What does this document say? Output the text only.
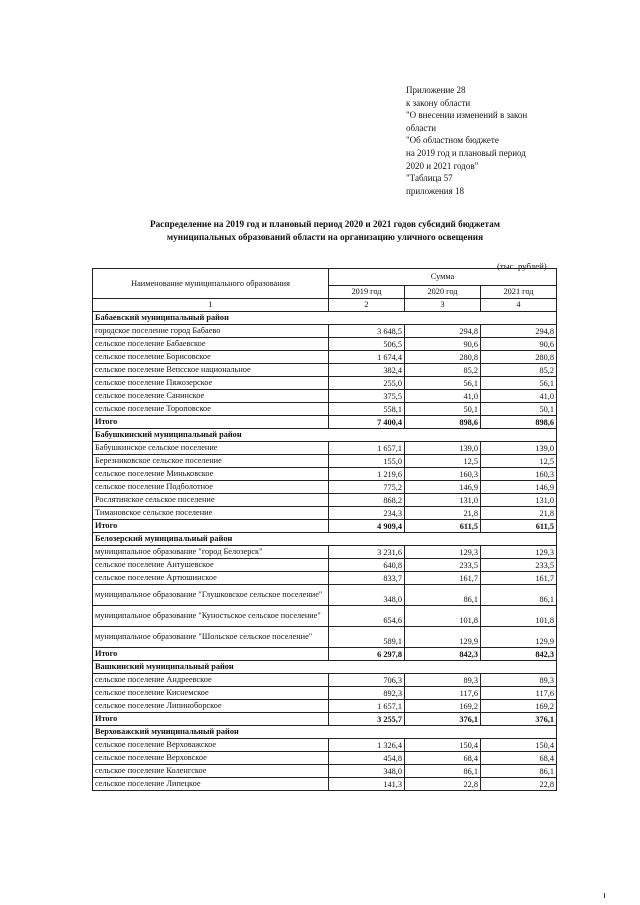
Приложение 28
к закону области
"О внесении изменений в закон
области
"Об областном бюджете
на 2019 год и плановый период
2020 и 2021 годов"
"Таблица 57
приложения 18
Распределение на 2019 год и плановый период 2020 и 2021 годов субсидий бюджетам
муниципальных образований области на организацию уличного освещения
(тыс. рублей)
Наименование муниципального образования	Сумма		
	2019 год	2020 год	2021 год
1	2	3	4
Бабаевский муниципальный район			
городское поселение город Бабаево	3 648,5	294,8	294,8
сельское поселение Бабаевское	506,5	90,6	90,6
сельское поселение Борисовское	1 674,4	280,8	280,8
сельское поселение Вепсское национальное	382,4	85,2	85,2
сельское поселение Пяжозерское	255,0	56,1	56,1
сельское поселение Санинское	375,5	41,0	41,0
сельское поселение Тороповское	558,1	50,1	50,1
Итого	7 400,4	898,6	898,6
Бабушкинский муниципальный район			
Бабушкинское сельское поселение	1 657,1	139,0	139,0
Березниковское сельское поселение	155,0	12,5	12,5
сельское поселение Миньковское	1 219,6	160,3	160,3
сельское поселение Подболотное	775,2	146,9	146,9
Рослятинское сельское поселение	868,2	131,0	131,0
Тимановское сельское поселение	234,3	21,8	21,8
Итого	4 909,4	611,5	611,5
Белозерский муниципальный район			
муниципальное образование "город Белозерск"	3 231,6	129,3	129,3
сельское поселение Антушевское	640,8	233,5	233,5
сельское поселение Артюшинское	833,7	161,7	161,7
муниципальное образование "Глушковское сельское поселение"	348,0	86,1	86,1
муниципальное образование "Куностьское сельское поселение"	654,6	101,8	101,8
муниципальное образование "Шольское сельское поселение"	589,1	129,9	129,9
Итого	6 297,8	842,3	842,3
Вашкинский муниципальный район			
сельское поселение Андреевское	706,3	89,3	89,3
сельское поселение Киснемское	892,3	117,6	117,6
сельское поселение Липиноборское	1 657,1	169,2	169,2
Итого	3 255,7	376,1	376,1
Верховажский муниципальный район			
сельское поселение Верховажское	1 326,4	150,4	150,4
сельское поселение Верховское	454,8	68,4	68,4
сельское поселение Коленгское	348,0	86,1	86,1
сельское поселение Липецкое	141,3	22,8	22,8
